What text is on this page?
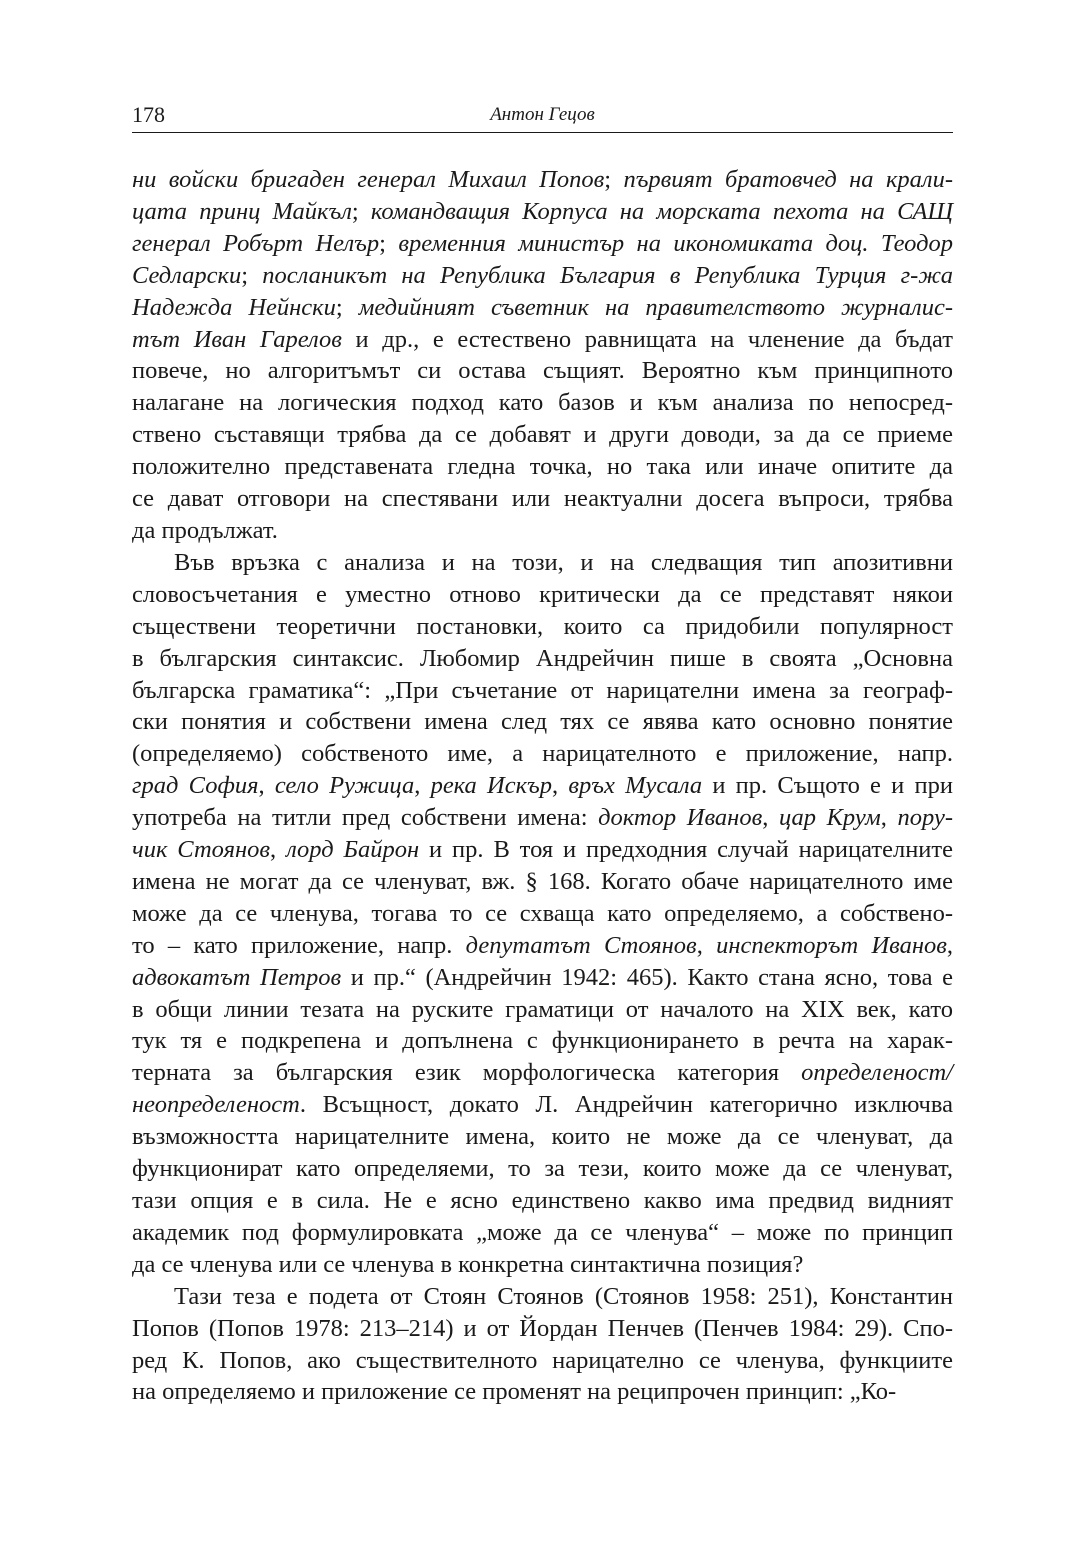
178	Антон Гецов

ни войски бригаден генерал Михаил Попов; първият братовчед на крали-
цата принц Майкъл; командващия Корпуса на морската пехота на САЩ
генерал Робърт Нелър; временния министър на икономиката доц. Теодор
Седларски; посланикът на Република България в Република Турция г-жа
Надежда Нейнски; медийният съветник на правителството журналис-
тът Иван Гарелов и др., е естествено равнищата на членение да бъдат
повече, но алгоритъмът си остава същият. Вероятно към принципното
налагане на логическия подход като базов и към анализа по непосред-
ствено съставящи трябва да се добавят и други доводи, за да се приеме
положително представената гледна точка, но така или иначе опитите да
се дават отговори на спестявани или неактуални досега въпроси, трябва
да продължат.

Във връзка с анализа и на този, и на следващия тип апозитивни
словосъчетания е уместно отново критически да се представят някои
съществени теоретични постановки, които са придобили популярност
в българския синтаксис. Любомир Андрейчин пише в своята „Основна
българска граматика“: „При съчетание от нарицателни имена за географ-
ски понятия и собствени имена след тях се явява като основно понятие
(определяемо) собственото име, а нарицателното е приложение, напр.
град София, село Ружица, река Искър, връх Мусала и пр. Същото е и при
употреба на титли пред собствени имена: доктор Иванов, цар Крум, пору-
чик Стоянов, лорд Байрон и пр. В тоя и предходния случай нарицателните
имена не могат да се членуват, вж. § 168. Когато обаче нарицателното име
може да се членува, тогава то се схваща като определяемо, а собствено-
то – като приложение, напр. депутатът Стоянов, инспекторът Иванов,
адвокатът Петров и пр.“ (Андрейчин 1942: 465). Както стана ясно, това е
в общи линии тезата на руските граматици от началото на XIX век, като
тук тя е подкрепена и допълнена с функционирането в речта на харак-
терната за българския език морфологическа категория определеност/
неопределеност. Всъщност, докато Л. Андрейчин категорично изключва
възможността нарицателните имена, които не може да се членуват, да
функционират като определяеми, то за тези, които може да се членуват,
тази опция е в сила. Не е ясно единствено какво има предвид видният
академик под формулировката „може да се членува“ – може по принцип
да се членува или се членува в конкретна синтактична позиция?

Тази теза е подета от Стоян Стоянов (Стоянов 1958: 251), Константин
Попов (Попов 1978: 213–214) и от Йордан Пенчев (Пенчев 1984: 29). Спо-
ред К. Попов, ако съществителното нарицателно се членува, функциите
на определяемо и приложение се променят на реципрочен принцип: „Ко-
